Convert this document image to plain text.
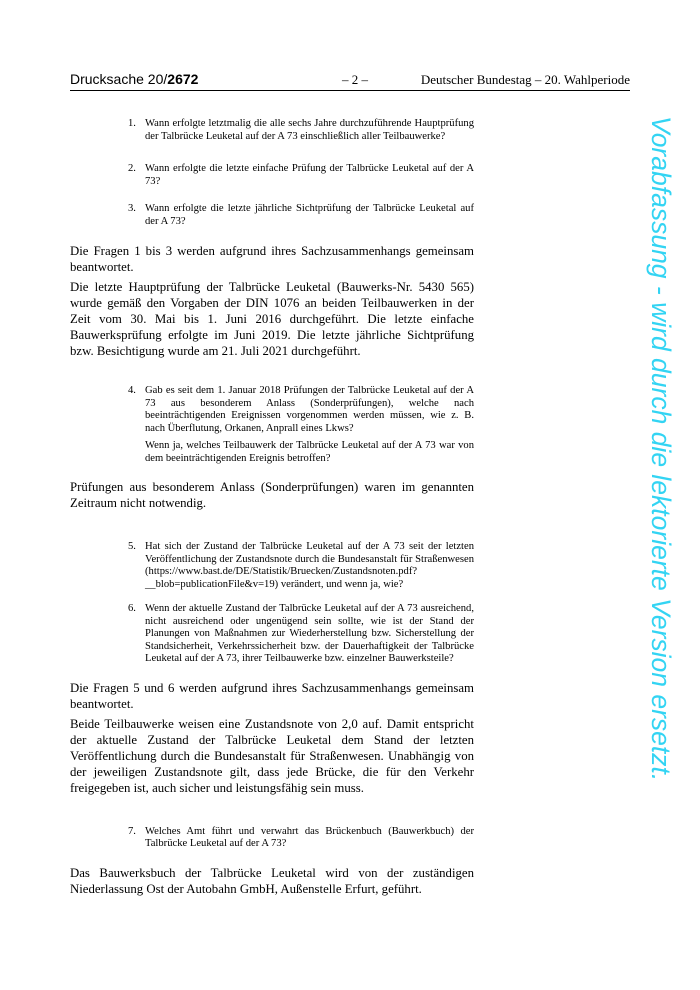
Drucksache 20/2672	– 2 –	Deutscher Bundestag – 20. Wahlperiode
1. Wann erfolgte letztmalig die alle sechs Jahre durchzuführende Hauptprüfung der Talbrücke Leuketal auf der A 73 einschließlich aller Teilbauwerke?
2. Wann erfolgte die letzte einfache Prüfung der Talbrücke Leuketal auf der A 73?
3. Wann erfolgte die letzte jährliche Sichtprüfung der Talbrücke Leuketal auf der A 73?

Die Fragen 1 bis 3 werden aufgrund ihres Sachzusammenhangs gemeinsam beantwortet.

Die letzte Hauptprüfung der Talbrücke Leuketal (Bauwerks-Nr. 5430 565) wurde gemäß den Vorgaben der DIN 1076 an beiden Teilbauwerken in der Zeit vom 30. Mai bis 1. Juni 2016 durchgeführt. Die letzte einfache Bauwerksprüfung erfolgte im Juni 2019. Die letzte jährliche Sichtprüfung bzw. Besichtigung wurde am 21. Juli 2021 durchgeführt.

4. Gab es seit dem 1. Januar 2018 Prüfungen der Talbrücke Leuketal auf der A 73 aus besonderem Anlass (Sonderprüfungen), welche nach beeinträchtigenden Ereignissen vorgenommen werden müssen, wie z. B. nach Überflutung, Orkanen, Anprall eines Lkws?
Wenn ja, welches Teilbauwerk der Talbrücke Leuketal auf der A 73 war von dem beeinträchtigenden Ereignis betroffen?

Prüfungen aus besonderem Anlass (Sonderprüfungen) waren im genannten Zeitraum nicht notwendig.

5. Hat sich der Zustand der Talbrücke Leuketal auf der A 73 seit der letzten Veröffentlichung der Zustandsnote durch die Bundesanstalt für Straßenwesen (https://www.bast.de/DE/Statistik/Bruecken/Zustandsnoten.pdf?__blob=publicationFile&v=19) verändert, und wenn ja, wie?
6. Wenn der aktuelle Zustand der Talbrücke Leuketal auf der A 73 ausreichend, nicht ausreichend oder ungenügend sein sollte, wie ist der Stand der Planungen von Maßnahmen zur Wiederherstellung bzw. Sicherstellung der Standsicherheit, Verkehrssicherheit bzw. der Dauerhaftigkeit der Talbrücke Leuketal auf der A 73, ihrer Teilbauwerke bzw. einzelner Bauwerksteile?

Die Fragen 5 und 6 werden aufgrund ihres Sachzusammenhangs gemeinsam beantwortet.

Beide Teilbauwerke weisen eine Zustandsnote von 2,0 auf. Damit entspricht der aktuelle Zustand der Talbrücke Leuketal dem Stand der letzten Veröffentlichung durch die Bundesanstalt für Straßenwesen. Unabhängig von der jeweiligen Zustandsnote gilt, dass jede Brücke, die für den Verkehr freigegeben ist, auch sicher und leistungsfähig sein muss.

7. Welches Amt führt und verwahrt das Brückenbuch (Bauwerkbuch) der Talbrücke Leuketal auf der A 73?

Das Bauwerksbuch der Talbrücke Leuketal wird von der zuständigen Niederlassung Ost der Autobahn GmbH, Außenstelle Erfurt, geführt.

Vorabfassung - wird durch die lektorierte Version ersetzt.
